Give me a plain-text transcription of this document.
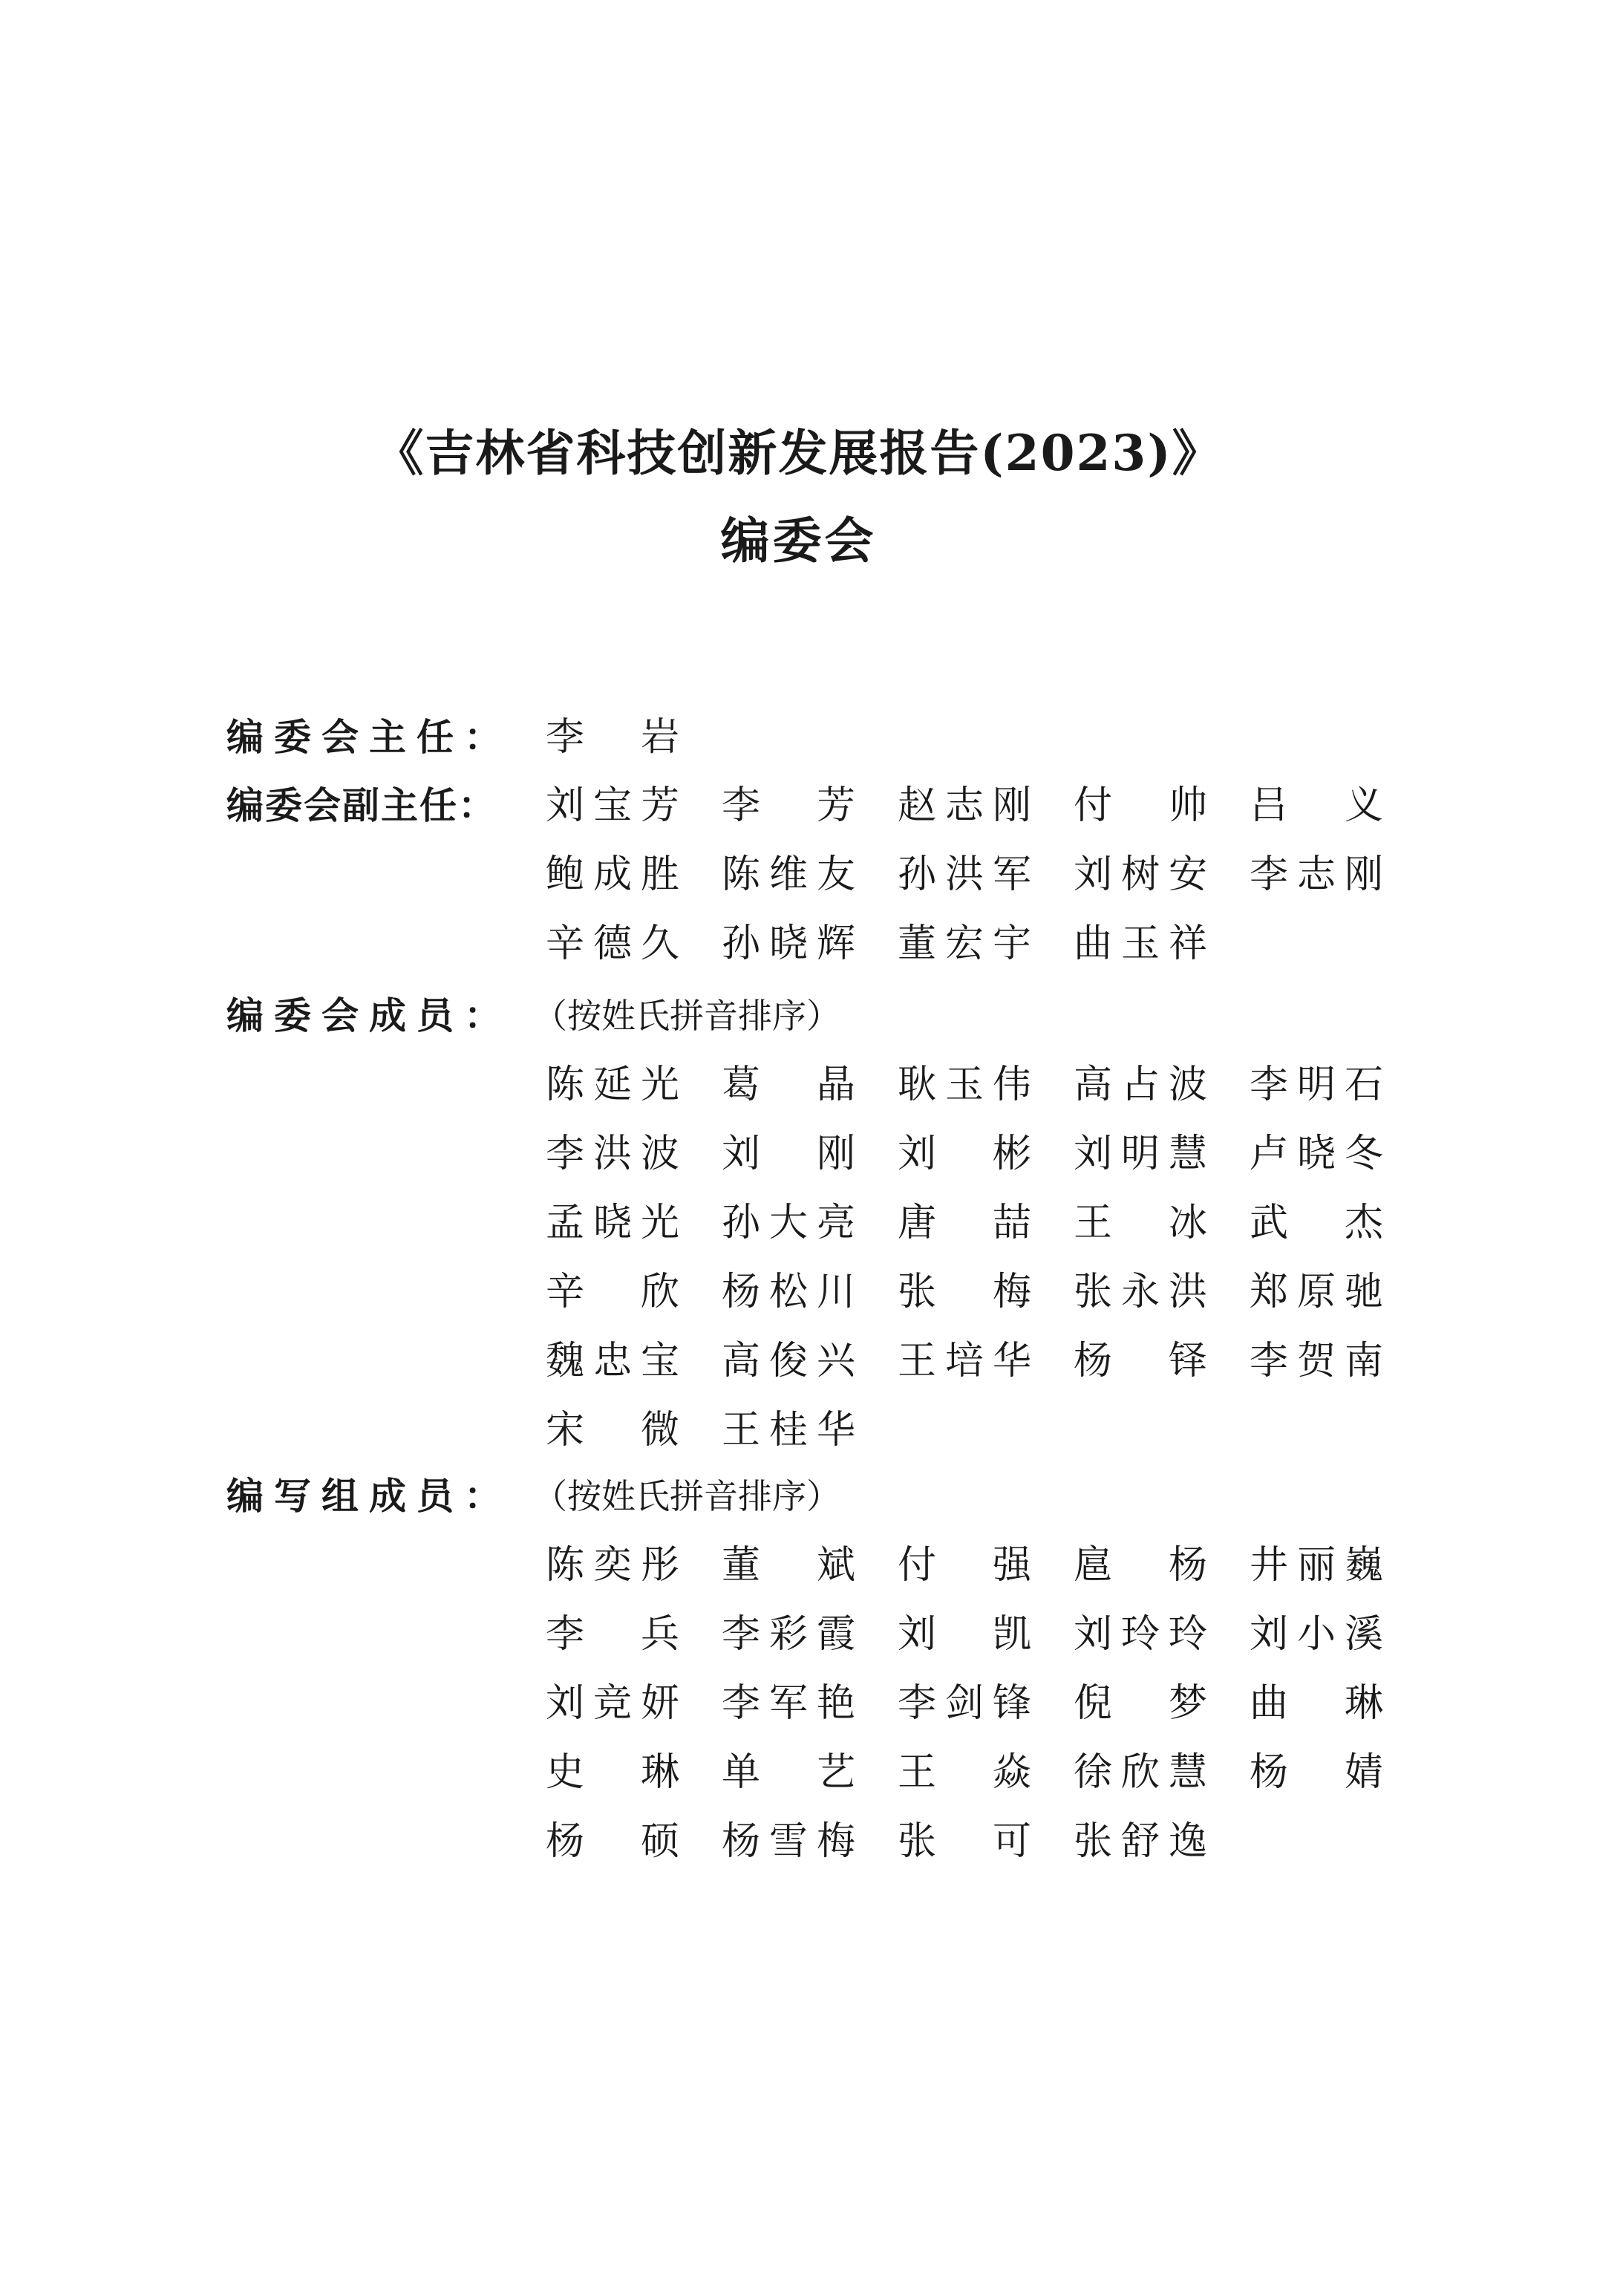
《吉林省科技创新发展报告(2023)》
编委会
编委会主任： 李 岩
编委会副主任： 刘 宝 芳 李 芳 赵 志 刚 付 帅 吕 义
鲍 成 胜 陈 维 友 孙 洪 军 刘 树 安 李 志 刚
辛 德 久 孙 晓 辉 董 宏 宇 曲 玉 祥
编委会成员： （按姓氏拼音排序）
陈 延 光 葛 晶 耿 玉 伟 高 占 波 李 明 石
李 洪 波 刘 刚 刘 彬 刘 明 慧 卢 晓 冬
孟 晓 光 孙 大 亮 唐 喆 王 冰 武 杰
辛 欣 杨 松 川 张 梅 张 永 洪 郑 原 驰
魏 忠 宝 高 俊 兴 王 培 华 杨 铎 李 贺 南
宋 微 王 桂 华
编写组成员： （按姓氏拼音排序）
陈 奕 彤 董 斌 付 强 扈 杨 井 丽 巍
李 兵 李 彩 霞 刘 凯 刘 玲 玲 刘 小 溪
刘 竞 妍 李 军 艳 李 剑 锋 倪 梦 曲 琳
史 琳 单 艺 王 焱 徐 欣 慧 杨 婧
杨 硕 杨 雪 梅 张 可 张 舒 逸
